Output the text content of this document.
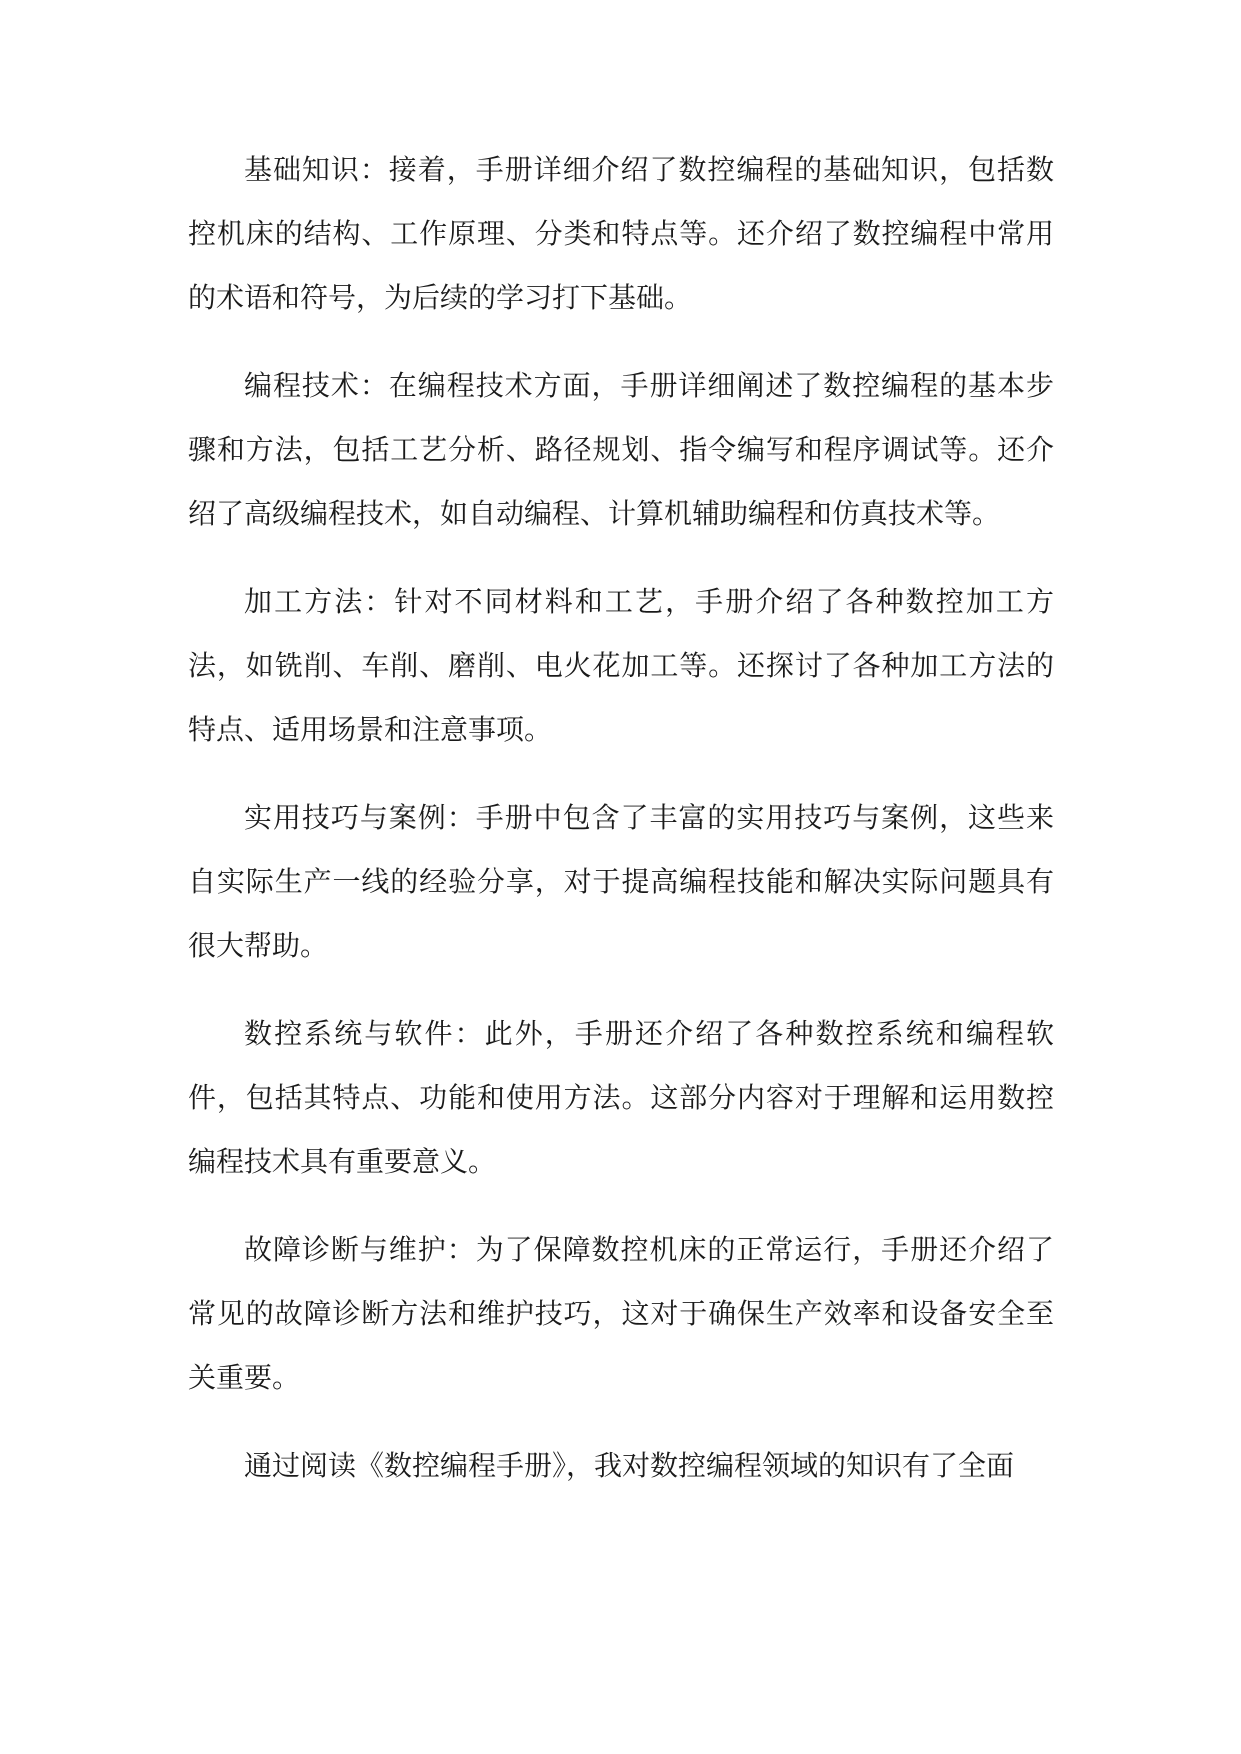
基础知识：接着，手册详细介绍了数控编程的基础知识，包括数控机床的结构、工作原理、分类和特点等。还介绍了数控编程中常用的术语和符号，为后续的学习打下基础。

编程技术：在编程技术方面，手册详细阐述了数控编程的基本步骤和方法，包括工艺分析、路径规划、指令编写和程序调试等。还介绍了高级编程技术，如自动编程、计算机辅助编程和仿真技术等。

加工方法：针对不同材料和工艺，手册介绍了各种数控加工方法，如铣削、车削、磨削、电火花加工等。还探讨了各种加工方法的特点、适用场景和注意事项。

实用技巧与案例：手册中包含了丰富的实用技巧与案例，这些来自实际生产一线的经验分享，对于提高编程技能和解决实际问题具有很大帮助。

数控系统与软件：此外，手册还介绍了各种数控系统和编程软件，包括其特点、功能和使用方法。这部分内容对于理解和运用数控编程技术具有重要意义。

故障诊断与维护：为了保障数控机床的正常运行，手册还介绍了常见的故障诊断方法和维护技巧，这对于确保生产效率和设备安全至关重要。

通过阅读《数控编程手册》，我对数控编程领域的知识有了全面
